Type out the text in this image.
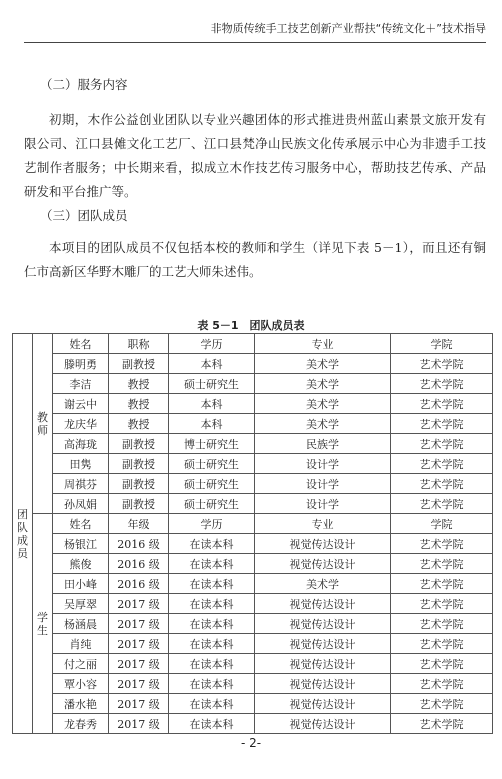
非物质传统手工技艺创新产业帮扶“传统文化＋”技术指导
（二）服务内容

初期，木作公益创业团队以专业兴趣团体的形式推进贵州蓝山素景文旅开发有限公司、江口县傩文化工艺厂、江口县梵净山民族文化传承展示中心为非遗手工技艺制作者服务；中长期来看，拟成立木作技艺传习服务中心，帮助技艺传承、产品研发和平台推广等。

（三）团队成员

本项目的团队成员不仅包括本校的教师和学生（详见下表 5－1），而且还有铜仁市高新区华野木雕厂的工艺大师朱述伟。

表 5－1　团队成员表
团队成员	教师	姓名	职称	学历	专业	学院
		滕明勇	副教授	本科	美术学	艺术学院
		李洁	教授	硕士研究生	美术学	艺术学院
		谢云中	教授	本科	美术学	艺术学院
		龙庆华	教授	本科	美术学	艺术学院
		高海珑	副教授	博士研究生	民族学	艺术学院
		田隽	副教授	硕士研究生	设计学	艺术学院
		周祺芬	副教授	硕士研究生	设计学	艺术学院
		孙凤娟	副教授	硕士研究生	设计学	艺术学院
	学生	姓名	年级	学历	专业	学院
		杨银江	2016 级	在读本科	视觉传达设计	艺术学院
		熊俊	2016 级	在读本科	视觉传达设计	艺术学院
		田小峰	2016 级	在读本科	美术学	艺术学院
		吴厚翠	2017 级	在读本科	视觉传达设计	艺术学院
		杨涵晨	2017 级	在读本科	视觉传达设计	艺术学院
		肖纯	2017 级	在读本科	视觉传达设计	艺术学院
		付之丽	2017 级	在读本科	视觉传达设计	艺术学院
		覃小容	2017 级	在读本科	视觉传达设计	艺术学院
		潘水艳	2017 级	在读本科	视觉传达设计	艺术学院
		龙春秀	2017 级	在读本科	视觉传达设计	艺术学院
- 2-
